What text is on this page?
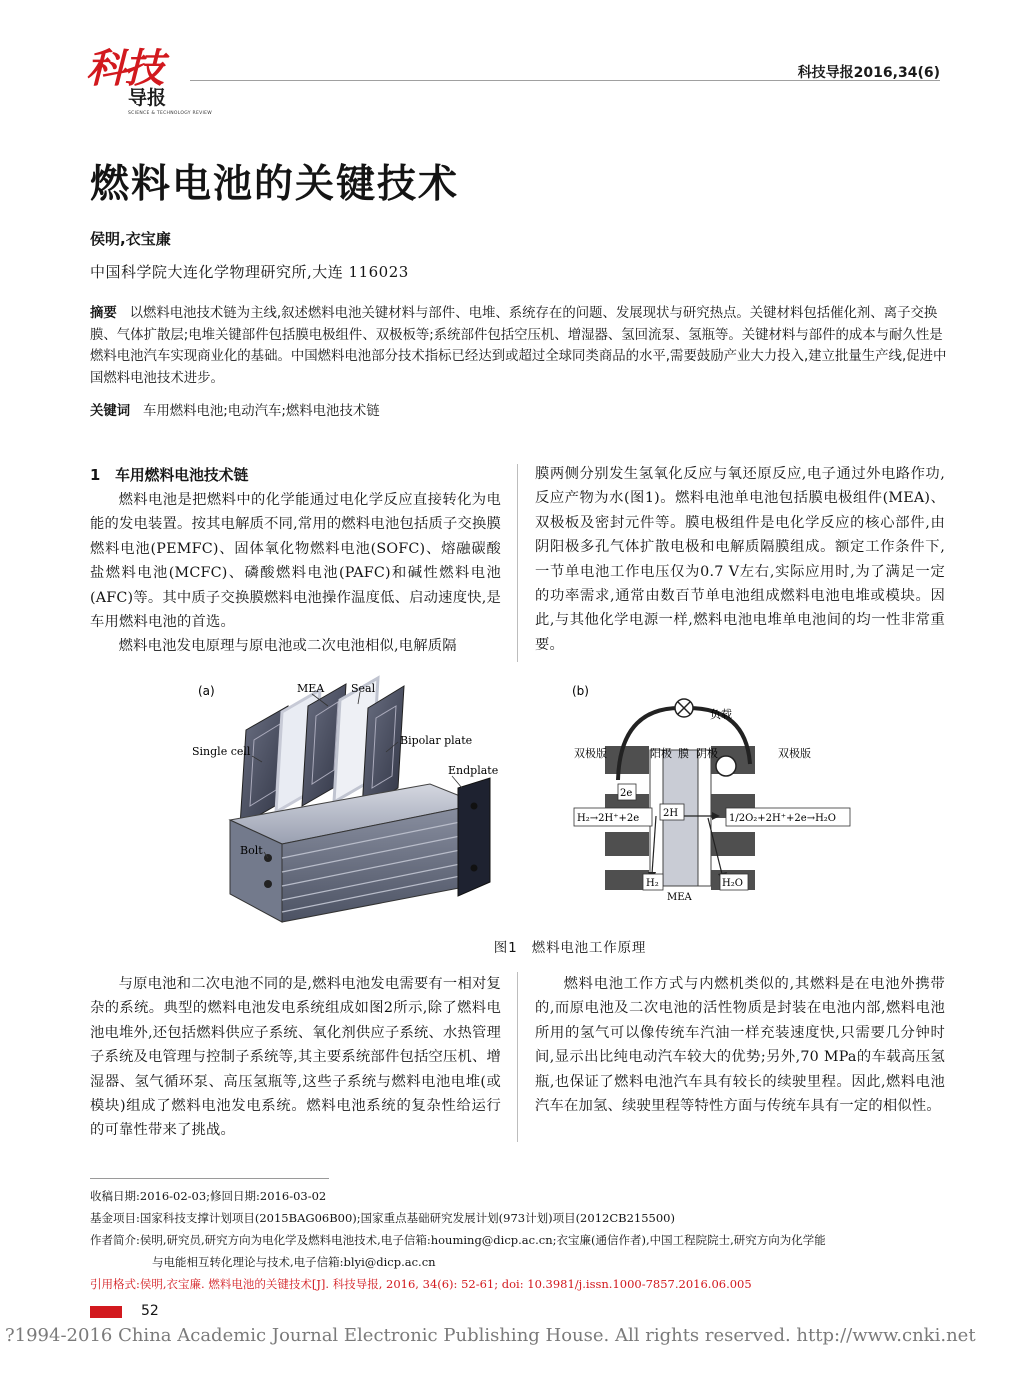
科技
导报
SCIENCE & TECHNOLOGY REVIEW
科技导报2016,34(6)
燃料电池的关键技术
侯明,衣宝廉
中国科学院大连化学物理研究所,大连 116023

摘要 以燃料电池技术链为主线,叙述燃料电池关键材料与部件、电堆、系统存在的问题、发展现状与研究热点。关键材料包括催化剂、离子交换膜、气体扩散层;电堆关键部件包括膜电极组件、双极板等;系统部件包括空压机、增湿器、氢回流泵、氢瓶等。关键材料与部件的成本与耐久性是燃料电池汽车实现商业化的基础。中国燃料电池部分技术指标已经达到或超过全球同类商品的水平,需要鼓励产业大力投入,建立批量生产线,促进中国燃料电池技术进步。

关键词 车用燃料电池;电动汽车;燃料电池技术链
1　车用燃料电池技术链

燃料电池是把燃料中的化学能通过电化学反应直接转化为电能的发电装置。按其电解质不同,常用的燃料电池包括质子交换膜燃料电池(PEMFC)、固体氧化物燃料电池(SOFC)、熔融碳酸盐燃料电池(MCFC)、磷酸燃料电池(PAFC)和碱性燃料电池(AFC)等。其中质子交换膜燃料电池操作温度低、启动速度快,是车用燃料电池的首选。

燃料电池发电原理与原电池或二次电池相似,电解质隔

膜两侧分别发生氢氧化反应与氧还原反应,电子通过外电路作功,反应产物为水(图1)。燃料电池单电池包括膜电极组件(MEA)、双极板及密封元件等。膜电极组件是电化学反应的核心部件,由阴阳极多孔气体扩散电极和电解质隔膜组成。额定工作条件下,一节单电池工作电压仅为0.7 V左右,实际应用时,为了满足一定的功率需求,通常由数百节单电池组成燃料电池电堆或模块。因此,与其他化学电源一样,燃料电池电堆单电池间的均一性非常重要。

(a)	MEA Seal
Single cell
Bipolar plate
Endplate
Bolt
(b)
负载
双极版	阳极 膜 阴极	双极版
2e
2H
H₂→2H⁺+2e	1/2O₂+2H⁺+2e→H₂O
H₂	H₂O
MEA
图1　燃料电池工作原理

与原电池和二次电池不同的是,燃料电池发电需要有一相对复杂的系统。典型的燃料电池发电系统组成如图2所示,除了燃料电池电堆外,还包括燃料供应子系统、氧化剂供应子系统、水热管理子系统及电管理与控制子系统等,其主要系统部件包括空压机、增湿器、氢气循环泵、高压氢瓶等,这些子系统与燃料电池电堆(或模块)组成了燃料电池发电系统。燃料电池系统的复杂性给运行的可靠性带来了挑战。

燃料电池工作方式与内燃机类似的,其燃料是在电池外携带的,而原电池及二次电池的活性物质是封装在电池内部,燃料电池所用的氢气可以像传统车汽油一样充装速度快,只需要几分钟时间,显示出比纯电动汽车较大的优势;另外,70 MPa的车载高压氢瓶,也保证了燃料电池汽车具有较长的续驶里程。因此,燃料电池汽车在加氢、续驶里程等特性方面与传统车具有一定的相似性。

收稿日期:2016-02-03;修回日期:2016-03-02
基金项目:国家科技支撑计划项目(2015BAG06B00);国家重点基础研究发展计划(973计划)项目(2012CB215500)
作者简介:侯明,研究员,研究方向为电化学及燃料电池技术,电子信箱:houming@dicp.ac.cn;衣宝廉(通信作者),中国工程院院士,研究方向为化学能
与电能相互转化理论与技术,电子信箱:blyi@dicp.ac.cn
引用格式:侯明,衣宝廉. 燃料电池的关键技术[J]. 科技导报, 2016, 34(6): 52-61; doi: 10.3981/j.issn.1000-7857.2016.06.005
52
?1994-2016 China Academic Journal Electronic Publishing House. All rights reserved. http://www.cnki.net
